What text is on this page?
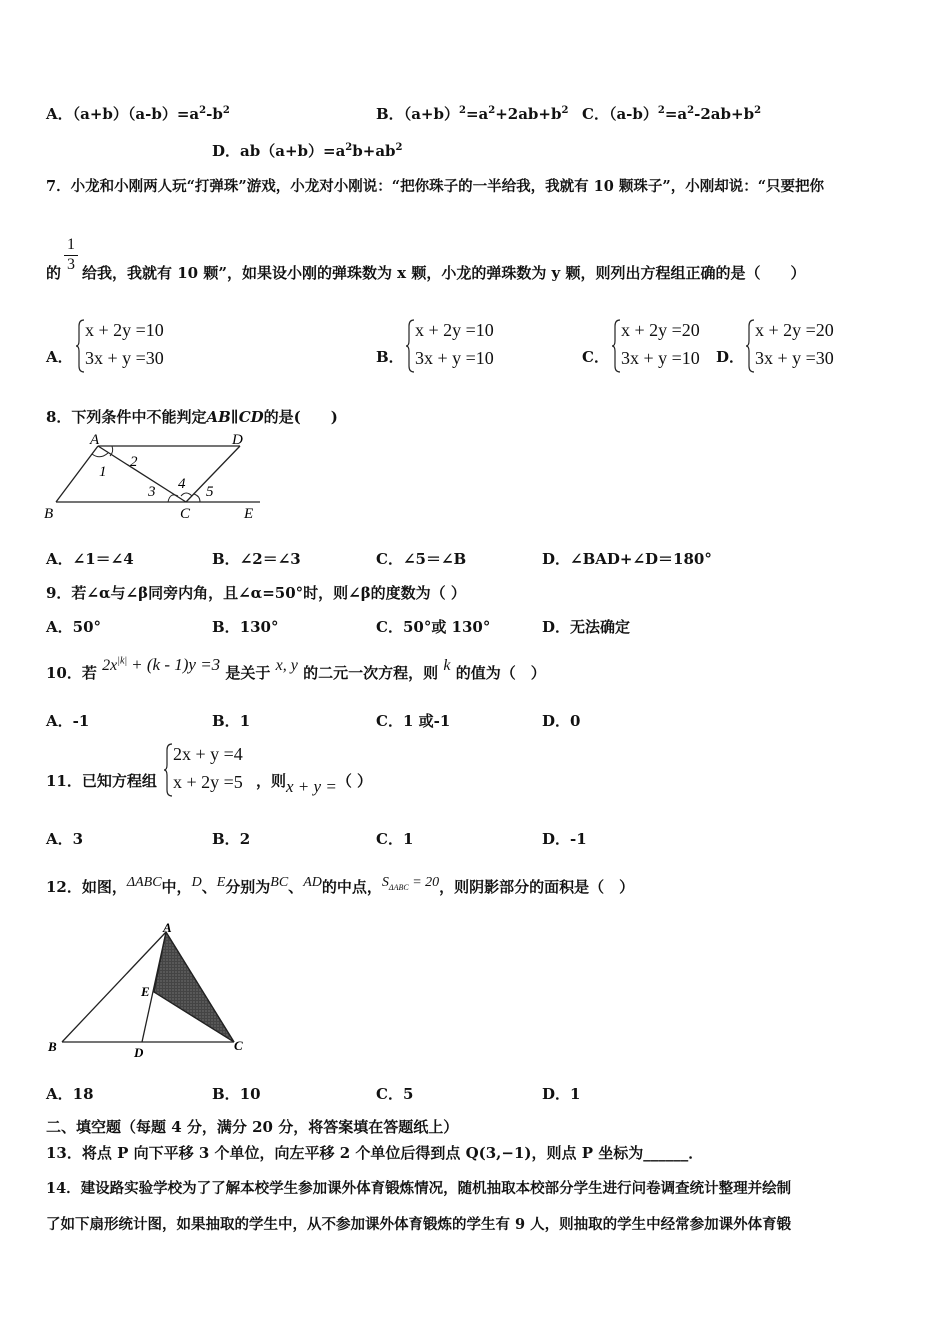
A．$(a+b)(a-b)=a^2-b^2$	B．$(a+b)^2=a^2+2ab+b^2$ C．$(a-b)^2=a^2-2ab+b^2$
D．$ab(a+b)=a^2b+ab^2$
7．小龙和小刚两人玩“打弹珠”游戏，小龙对小刚说：“把你珠子的一半给我，我就有 10 颗珠子”，小刚却说：“只要把你
的 $\frac{1}{3}$ 给我，我就有 10 颗”，如果设小刚的弹珠数为 x 颗，小龙的弹珠数为 y 颗，则列出方程组正确的是（　　）
A．
x + 2y =10
3x + y =30	B．
x + 2y =10
3x + y =10	C．
x + 2y =20
3x + y =10 D．
x + 2y =20
3x + y =30
8．下列条件中不能判定AB∥CD的是(　　)
A	D
B	C	E
1
2
3 4 5
A．∠1＝∠4	B．∠2＝∠3	C．∠5＝∠B	D．∠BAD+∠D＝180°
9．若∠α与∠β同旁内角，且∠α=50°时，则∠β的度数为（ ）
A．50°	B．130°	C．50°或 130°	D．无法确定
10．若 $2x^{|k|} + (k - 1)y =3$ 是关于 x, y 的二元一次方程，则 k 的值为（　）
A．-1	B．1	C．1 或-1	D．0
11．已知方程组
2x + y =4
x + 2y =5 ，则x + y =（ ）
A．3	B．2	C．1	D．-1
12．如图，ΔABC中，D、E分别为BC、AD的中点，$S_{\Delta ABC} = 20$，则阴影部分的面积是（　）
A
E
B	D	C
A．18	B．10	C．5	D．1
二、填空题（每题 4 分，满分 20 分，将答案填在答题纸上）
13．将点 P 向下平移 3 个单位，向左平移 2 个单位后得到点 Q(3,−1)，则点 P 坐标为______．
14．建设路实验学校为了了解本校学生参加课外体育锻炼情况，随机抽取本校部分学生进行问卷调查统计整理并绘制
了如下扇形统计图，如果抽取的学生中，从不参加课外体育锻炼的学生有 9 人，则抽取的学生中经常参加课外体育锻
